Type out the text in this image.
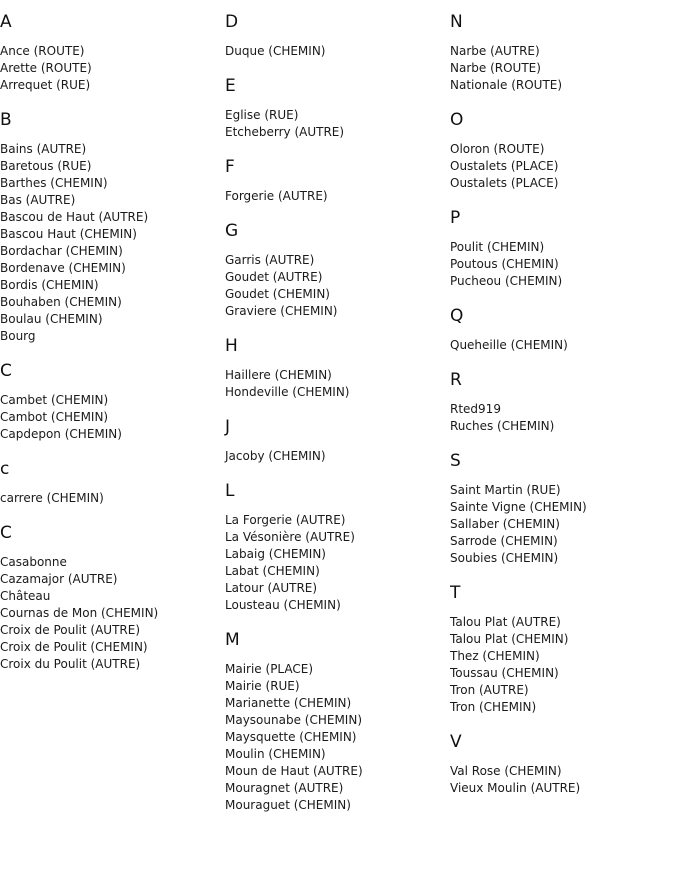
A
Ance (ROUTE)
Arette (ROUTE)
Arrequet (RUE)
B
Bains (AUTRE)
Baretous (RUE)
Barthes (CHEMIN)
Bas (AUTRE)
Bascou de Haut (AUTRE)
Bascou Haut (CHEMIN)
Bordachar (CHEMIN)
Bordenave (CHEMIN)
Bordis (CHEMIN)
Bouhaben (CHEMIN)
Boulau (CHEMIN)
Bourg
C
Cambet (CHEMIN)
Cambot (CHEMIN)
Capdepon (CHEMIN)
c
carrere (CHEMIN)
C
Casabonne
Cazamajor (AUTRE)
Château
Cournas de Mon (CHEMIN)
Croix de Poulit (AUTRE)
Croix de Poulit (CHEMIN)
Croix du Poulit (AUTRE)
D
Duque (CHEMIN)
E
Eglise (RUE)
Etcheberry (AUTRE)
F
Forgerie (AUTRE)
G
Garris (AUTRE)
Goudet (AUTRE)
Goudet (CHEMIN)
Graviere (CHEMIN)
H
Haillere (CHEMIN)
Hondeville (CHEMIN)
J
Jacoby (CHEMIN)
L
La Forgerie (AUTRE)
La Vésonière (AUTRE)
Labaig (CHEMIN)
Labat (CHEMIN)
Latour (AUTRE)
Lousteau (CHEMIN)
M
Mairie (PLACE)
Mairie (RUE)
Marianette (CHEMIN)
Maysounabe (CHEMIN)
Maysquette (CHEMIN)
Moulin (CHEMIN)
Moun de Haut (AUTRE)
Mouragnet (AUTRE)
Mouraguet (CHEMIN)
N
Narbe (AUTRE)
Narbe (ROUTE)
Nationale (ROUTE)
O
Oloron (ROUTE)
Oustalets (PLACE)
Oustalets (PLACE)
P
Poulit (CHEMIN)
Poutous (CHEMIN)
Pucheou (CHEMIN)
Q
Queheille (CHEMIN)
R
Rted919
Ruches (CHEMIN)
S
Saint Martin (RUE)
Sainte Vigne (CHEMIN)
Sallaber (CHEMIN)
Sarrode (CHEMIN)
Soubies (CHEMIN)
T
Talou Plat (AUTRE)
Talou Plat (CHEMIN)
Thez (CHEMIN)
Toussau (CHEMIN)
Tron (AUTRE)
Tron (CHEMIN)
V
Val Rose (CHEMIN)
Vieux Moulin (AUTRE)
